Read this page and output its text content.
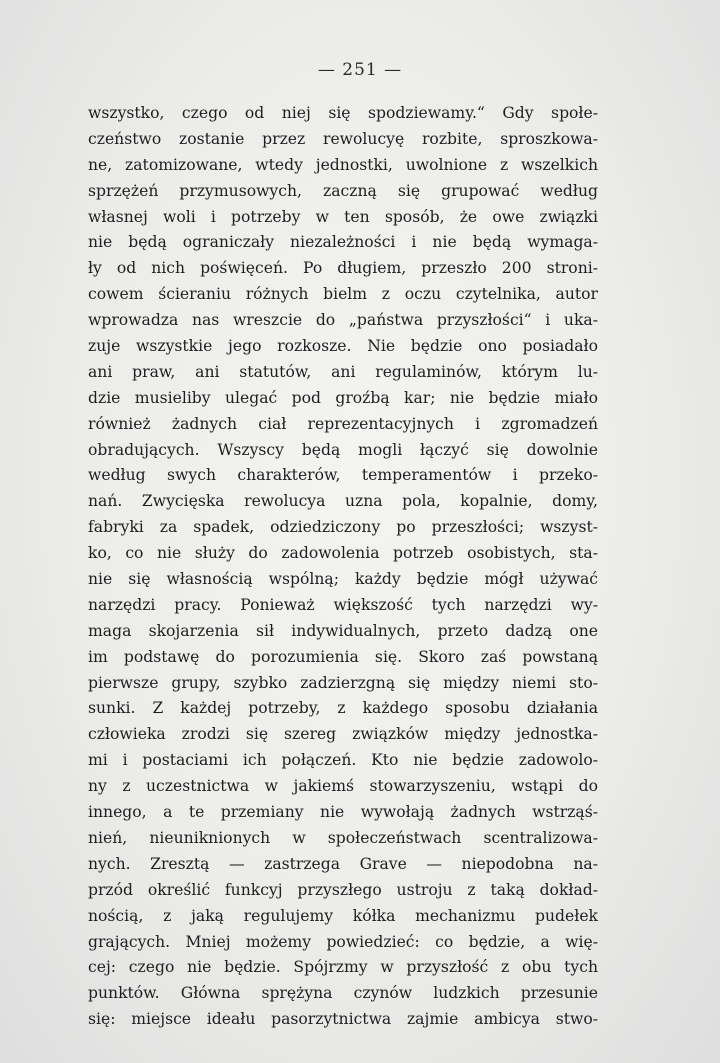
— 251 —
wszystko, czego od niej się spodziewamy.“ Gdy społe-
czeństwo zostanie przez rewolucyę rozbite, sproszkowa-
ne, zatomizowane, wtedy jednostki, uwolnione z wszelkich
sprzężeń przymusowych, zaczną się grupować według
własnej woli i potrzeby w ten sposób, że owe związki
nie będą ograniczały niezależności i nie będą wymaga-
ły od nich poświęceń. Po długiem, przeszło 200 stroni-
cowem ścieraniu różnych bielm z oczu czytelnika, autor
wprowadza nas wreszcie do „państwa przyszłości“ i uka-
zuje wszystkie jego rozkosze. Nie będzie ono posiadało
ani praw, ani statutów, ani regulaminów, którym lu-
dzie musieliby ulegać pod groźbą kar; nie będzie miało
również żadnych ciał reprezentacyjnych i zgromadzeń
obradujących. Wszyscy będą mogli łączyć się dowolnie
według swych charakterów, temperamentów i przeko-
nań. Zwycięska rewolucya uzna pola, kopalnie, domy,
fabryki za spadek, odziedziczony po przeszłości; wszyst-
ko, co nie służy do zadowolenia potrzeb osobistych, sta-
nie się własnością wspólną; każdy będzie mógł używać
narzędzi pracy. Ponieważ większość tych narzędzi wy-
maga skojarzenia sił indywidualnych, przeto dadzą one
im podstawę do porozumienia się. Skoro zaś powstaną
pierwsze grupy, szybko zadzierzgną się między niemi sto-
sunki. Z każdej potrzeby, z każdego sposobu działania
człowieka zrodzi się szereg związków między jednostka-
mi i postaciami ich połączeń. Kto nie będzie zadowolo-
ny z uczestnictwa w jakiemś stowarzyszeniu, wstąpi do
innego, a te przemiany nie wywołają żadnych wstrząś-
nień, nieuniknionych w społeczeństwach scentralizowa-
nych. Zresztą — zastrzega Grave — niepodobna na-
przód określić funkcyj przyszłego ustroju z taką dokład-
nością, z jaką regulujemy kółka mechanizmu pudełek
grających. Mniej możemy powiedzieć: co będzie, a wię-
cej: czego nie będzie. Spójrzmy w przyszłość z obu tych
punktów. Główna sprężyna czynów ludzkich przesunie
się: miejsce ideału pasorzytnictwa zajmie ambicya stwo-
